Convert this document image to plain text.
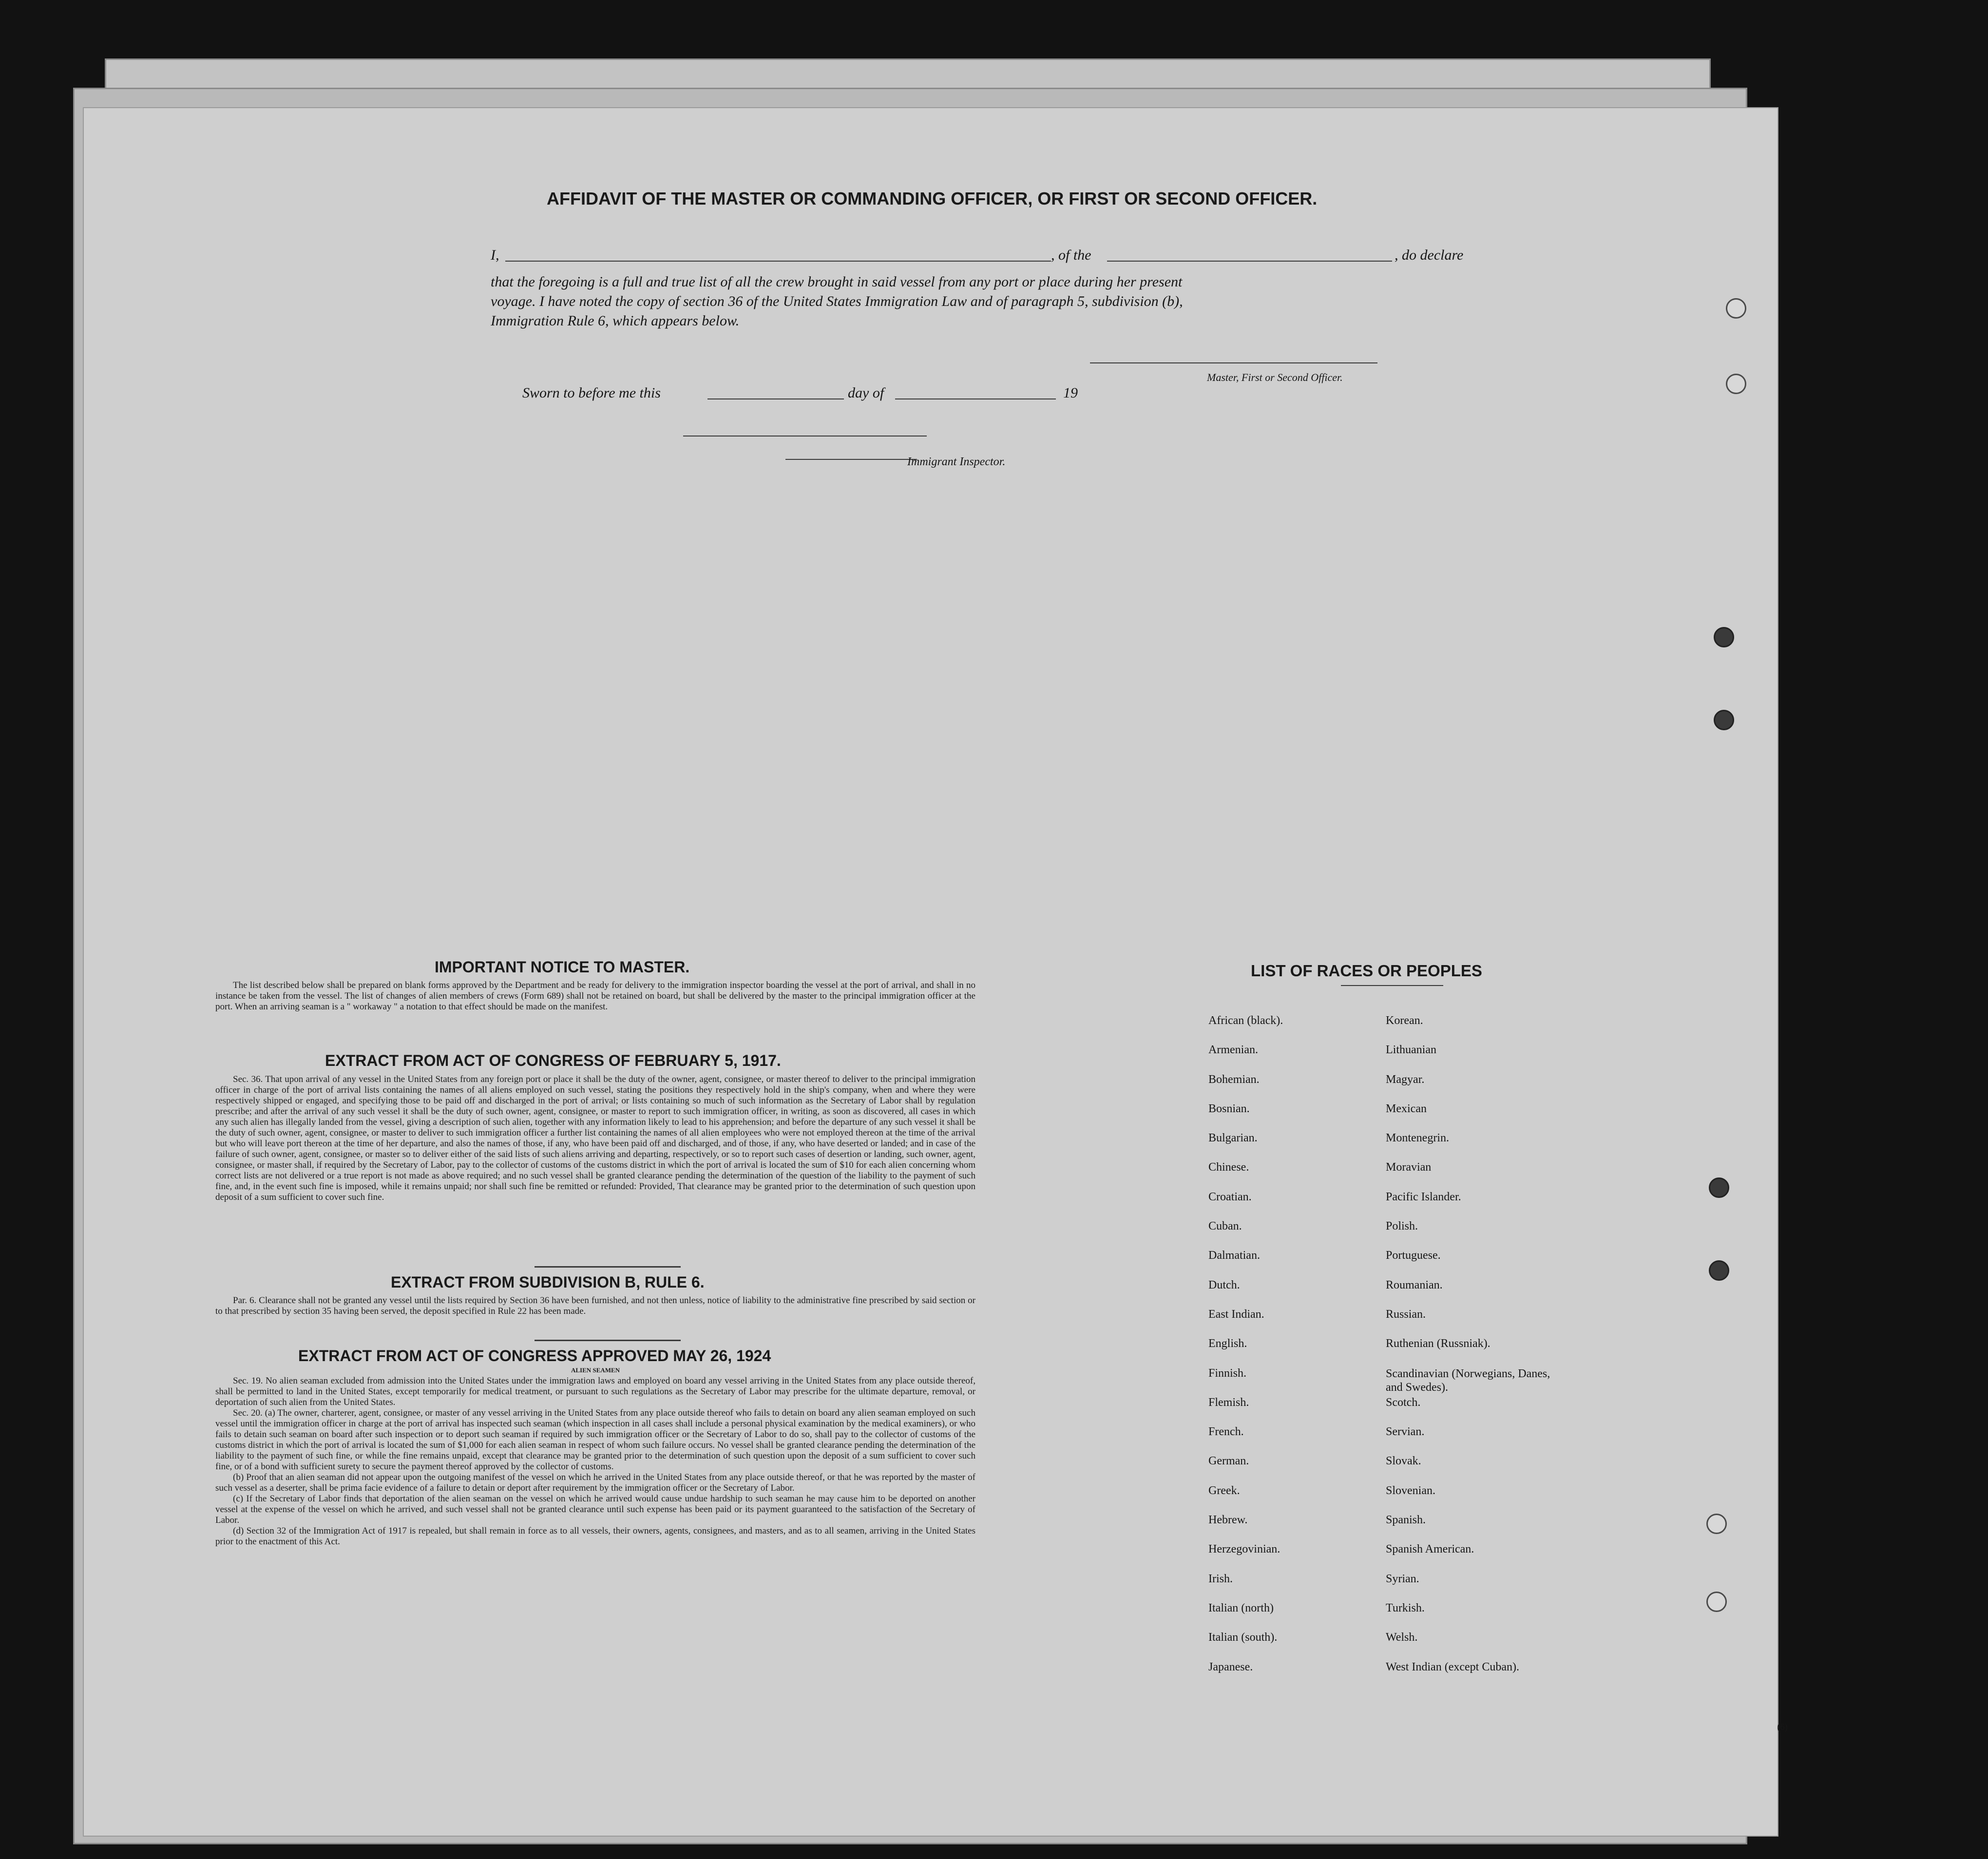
AFFIDAVIT OF THE MASTER OR COMMANDING OFFICER, OR FIRST OR SECOND OFFICER.
I,	, of the	, do declare
that the foregoing is a full and true list of all the crew brought in said vessel from any port or place during her present
voyage. I have noted the copy of section 36 of the United States Immigration Law and of paragraph 5, subdivision (b),
Immigration Rule 6, which appears below.
Master, First or Second Officer.
Sworn to before me this	day of	19
Immigrant Inspector.
IMPORTANT NOTICE TO MASTER.

The list described below shall be prepared on blank forms approved by the Department and be ready for delivery to the immigration inspector boarding the vessel at the port of arrival, and shall in no instance be taken from the vessel. The list of changes of alien members of crews (Form 689) shall not be retained on board, but shall be delivered by the master to the principal immigration officer at the port. When an arriving seaman is a " workaway " a notation to that effect should be made on the manifest.

EXTRACT FROM ACT OF CONGRESS OF FEBRUARY 5, 1917.

Sec. 36. That upon arrival of any vessel in the United States from any foreign port or place it shall be the duty of the owner, agent, consignee, or master thereof to deliver to the principal immigration officer in charge of the port of arrival lists containing the names of all aliens employed on such vessel, stating the positions they respectively hold in the ship's company, when and where they were respectively shipped or engaged, and specifying those to be paid off and discharged in the port of arrival; or lists containing so much of such information as the Secretary of Labor shall by regulation prescribe; and after the arrival of any such vessel it shall be the duty of such owner, agent, consignee, or master to report to such immigration officer, in writing, as soon as discovered, all cases in which any such alien has illegally landed from the vessel, giving a description of such alien, together with any information likely to lead to his apprehension; and before the departure of any such vessel it shall be the duty of such owner, agent, consignee, or master to deliver to such immigration officer a further list containing the names of all alien employees who were not employed thereon at the time of the arrival but who will leave port thereon at the time of her departure, and also the names of those, if any, who have been paid off and discharged, and of those, if any, who have deserted or landed; and in case of the failure of such owner, agent, consignee, or master so to deliver either of the said lists of such aliens arriving and departing, respectively, or so to report such cases of desertion or landing, such owner, agent, consignee, or master shall, if required by the Secretary of Labor, pay to the collector of customs of the customs district in which the port of arrival is located the sum of $10 for each alien concerning whom correct lists are not delivered or a true report is not made as above required; and no such vessel shall be granted clearance pending the determination of the question of the liability to the payment of such fine, and, in the event such fine is imposed, while it remains unpaid; nor shall such fine be remitted or refunded: Provided, That clearance may be granted prior to the determination of such question upon deposit of a sum sufficient to cover such fine.

EXTRACT FROM SUBDIVISION B, RULE 6.

Par. 6. Clearance shall not be granted any vessel until the lists required by Section 36 have been furnished, and not then unless, notice of liability to the administrative fine prescribed by said section or to that prescribed by section 35 having been served, the deposit specified in Rule 22 has been made.

EXTRACT FROM ACT OF CONGRESS APPROVED MAY 26, 1924
ALIEN SEAMEN

Sec. 19. No alien seaman excluded from admission into the United States under the immigration laws and employed on board any vessel arriving in the United States from any place outside thereof, shall be permitted to land in the United States, except temporarily for medical treatment, or pursuant to such regulations as the Secretary of Labor may prescribe for the ultimate departure, removal, or deportation of such alien from the United States.

Sec. 20. (a) The owner, charterer, agent, consignee, or master of any vessel arriving in the United States from any place outside thereof who fails to detain on board any alien seaman employed on such vessel until the immigration officer in charge at the port of arrival has inspected such seaman (which inspection in all cases shall include a personal physical examination by the medical examiners), or who fails to detain such seaman on board after such inspection or to deport such seaman if required by such immigration officer or the Secretary of Labor to do so, shall pay to the collector of customs of the customs district in which the port of arrival is located the sum of $1,000 for each alien seaman in respect of whom such failure occurs. No vessel shall be granted clearance pending the determination of the liability to the payment of such fine, or while the fine remains unpaid, except that clearance may be granted prior to the determination of such question upon the deposit of a sum sufficient to cover such fine, or of a bond with sufficient surety to secure the payment thereof approved by the collector of customs.

(b) Proof that an alien seaman did not appear upon the outgoing manifest of the vessel on which he arrived in the United States from any place outside thereof, or that he was reported by the master of such vessel as a deserter, shall be prima facie evidence of a failure to detain or deport after requirement by the immigration officer or the Secretary of Labor.

(c) If the Secretary of Labor finds that deportation of the alien seaman on the vessel on which he arrived would cause undue hardship to such seaman he may cause him to be deported on another vessel at the expense of the vessel on which he arrived, and such vessel shall not be granted clearance until such expense has been paid or its payment guaranteed to the satisfaction of the Secretary of Labor.

(d) Section 32 of the Immigration Act of 1917 is repealed, but shall remain in force as to all vessels, their owners, agents, consignees, and masters, and as to all seamen, arriving in the United States prior to the enactment of this Act.

LIST OF RACES OR PEOPLES
African (black).
Armenian.
Bohemian.
Bosnian.
Bulgarian.
Chinese.
Croatian.
Cuban.
Dalmatian.
Dutch.
East Indian.
English.
Finnish.
Flemish.
French.
German.
Greek.
Hebrew.
Herzegovinian.
Irish.
Italian (north)
Italian (south).
Japanese.
Korean.
Lithuanian
Magyar.
Mexican
Montenegrin.
Moravian
Pacific Islander.
Polish.
Portuguese.
Roumanian.
Russian.
Ruthenian (Russniak).
Scandinavian (Norwegians, Danes, and Swedes).
Scotch.
Servian.
Slovak.
Slovenian.
Spanish.
Spanish American.
Syrian.
Turkish.
Welsh.
West Indian (except Cuban).
(6)
